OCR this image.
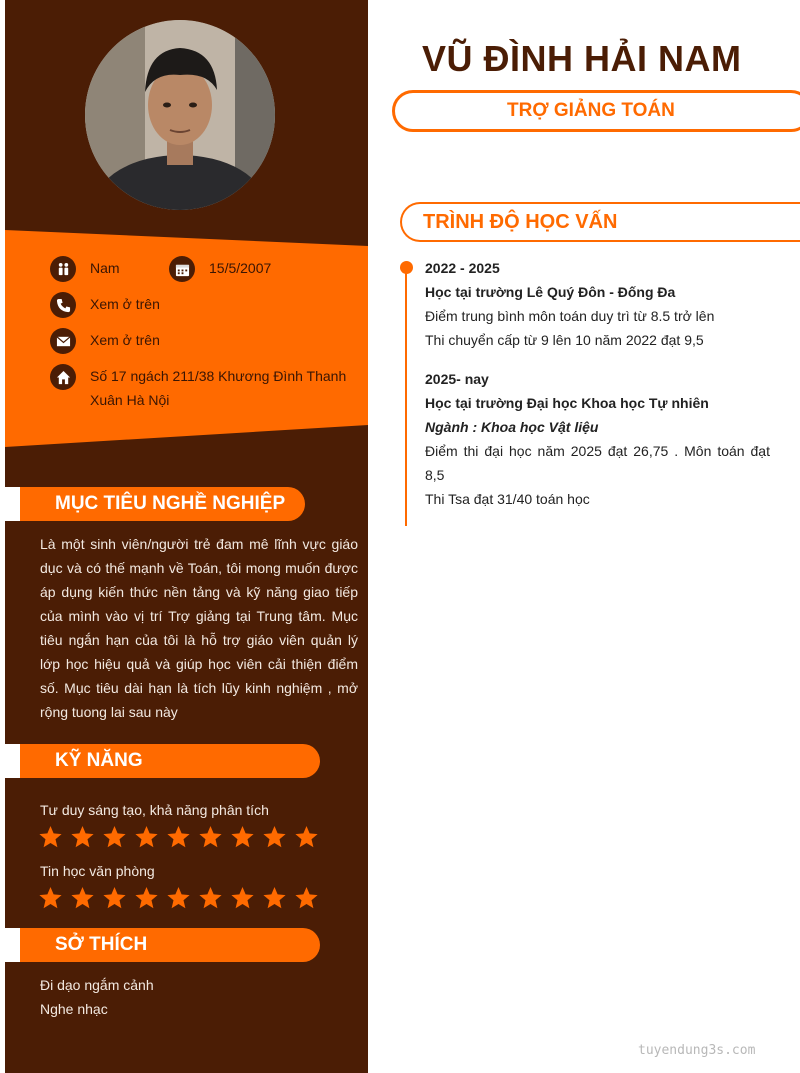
Nam	15/5/2007
Xem ở trên
Xem ở trên
Số 17 ngách 211/38 Khương Đình Thanh Xuân Hà Nội
MỤC TIÊU NGHỀ NGHIỆP
Là một sinh viên/người trẻ đam mê lĩnh vực giáo dục và có thế mạnh về Toán, tôi mong muốn được áp dụng kiến thức nền tảng và kỹ năng giao tiếp của mình vào vị trí Trợ giảng tại Trung tâm. Mục tiêu ngắn hạn của tôi là hỗ trợ giáo viên quản lý lớp học hiệu quả và giúp học viên cải thiện điểm số. Mục tiêu dài hạn là tích lũy kinh nghiệm , mở rộng tuong lai sau này
KỸ NĂNG
Tư duy sáng tạo, khả năng phân tích
Tin học văn phòng
SỞ THÍCH
Đi dạo ngắm cảnh
Nghe nhạc
VŨ ĐÌNH HẢI NAM
TRỢ GIẢNG TOÁN
TRÌNH ĐỘ HỌC VẤN
2022 - 2025
Học tại trường Lê Quý Đôn - Đống Đa
Điểm trung bình môn toán duy trì từ 8.5 trở lên
Thi chuyển cấp từ 9 lên 10 năm 2022 đạt 9,5
2025- nay
Học tại trường Đại học Khoa học Tự nhiên
Ngành : Khoa học Vật liệu
Điểm thi đại học năm 2025 đạt 26,75 . Môn toán đạt 8,5
Thi Tsa đạt 31/40 toán học
tuyendung3s.com
